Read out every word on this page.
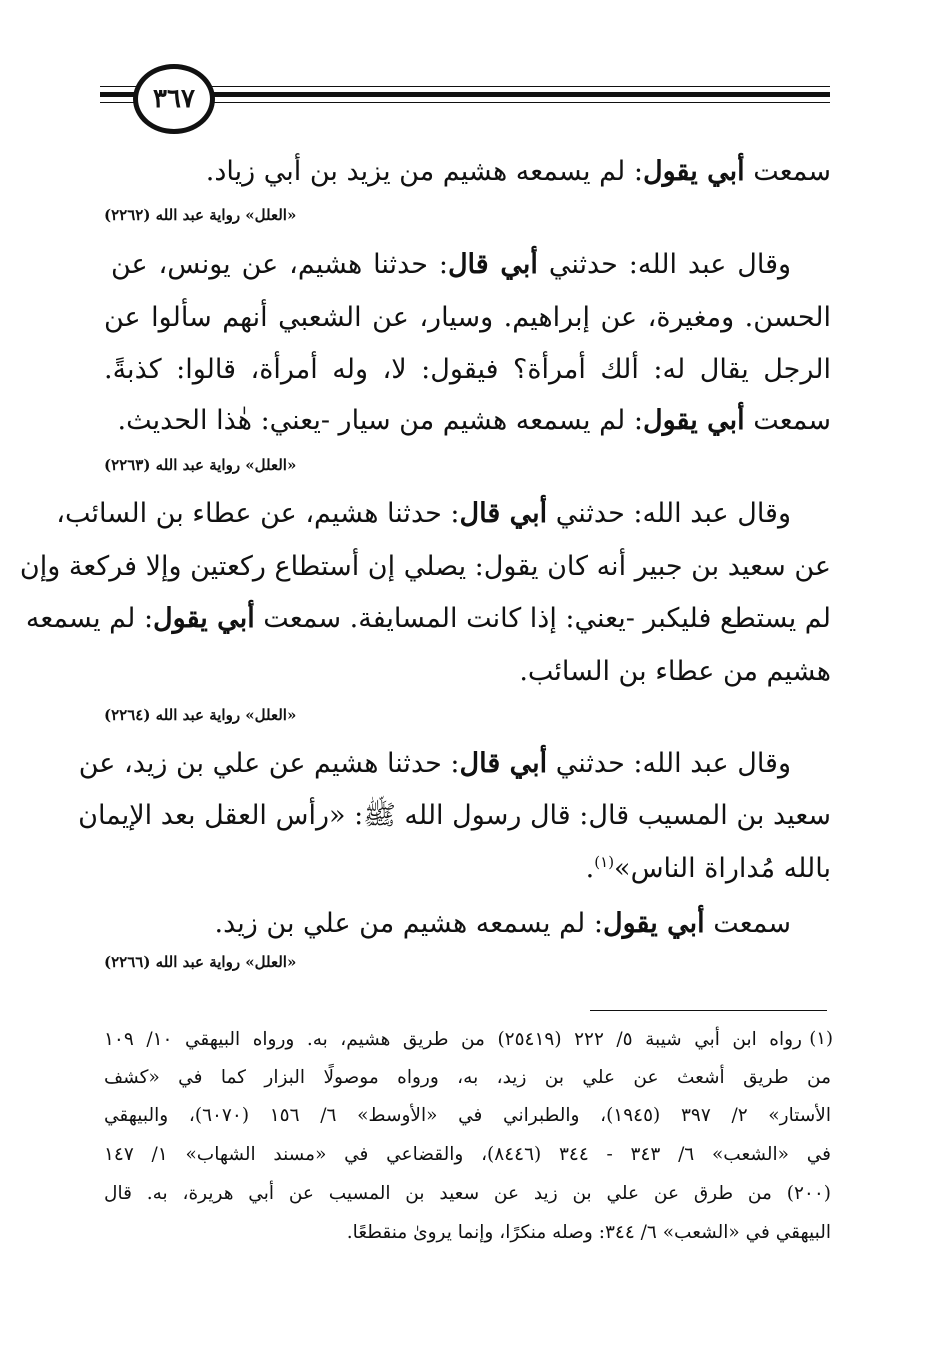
٣٦٧
سمعت أبي يقول: لم يسمعه هشيم من يزيد بن أبي زياد.
«العلل» رواية عبد الله (٢٢٦٢)
وقال عبد الله: حدثني أبي قال: حدثنا هشيم، عن يونس، عن
الحسن. ومغيرة، عن إبراهيم. وسيار، عن الشعبي أنهم سألوا عن
الرجل يقال له: ألك أمرأة؟ فيقول: لا، وله أمرأة، قالوا: كذبةً.
سمعت أبي يقول: لم يسمعه هشيم من سيار -يعني: هٰذا الحديث.
«العلل» رواية عبد الله (٢٢٦٣)
وقال عبد الله: حدثني أبي قال: حدثنا هشيم، عن عطاء بن السائب،
عن سعيد بن جبير أنه كان يقول: يصلي إن أستطاع ركعتين وإلا فركعة وإن
لم يستطع فليكبر -يعني: إذا كانت المسايفة. سمعت أبي يقول: لم يسمعه
هشيم من عطاء بن السائب.
«العلل» رواية عبد الله (٢٢٦٤)
وقال عبد الله: حدثني أبي قال: حدثنا هشيم عن علي بن زيد، عن
سعيد بن المسيب قال: قال رسول الله ﷺ: «رأس العقل بعد الإيمان
بالله مُداراة الناس»$^{(١)}$.
سمعت أبي يقول: لم يسمعه هشيم من علي بن زيد.
«العلل» رواية عبد الله (٢٢٦٦)
(١)
رواه ابن أبي شيبة ٥/ ٢٢٢ (٢٥٤١٩) من طريق هشيم، به. ورواه البيهقي ١٠/ ١٠٩
من طريق أشعث عن علي بن زيد، به، ورواه موصولًا البزار كما في «كشف
الأستار» ٢/ ٣٩٧ (١٩٤٥)، والطبراني في «الأوسط» ٦/ ١٥٦ (٦٠٧٠)، والبيهقي
في «الشعب» ٦/ ٣٤٣ - ٣٤٤ (٨٤٤٦)، والقضاعي في «مسند الشهاب» ١/ ١٤٧
(٢٠٠) من طرق عن علي بن زيد عن سعيد بن المسيب عن أبي هريرة، به. قال
البيهقي في «الشعب» ٦/ ٣٤٤: وصله منكرًا، وإنما يروىٰ منقطعًا.
